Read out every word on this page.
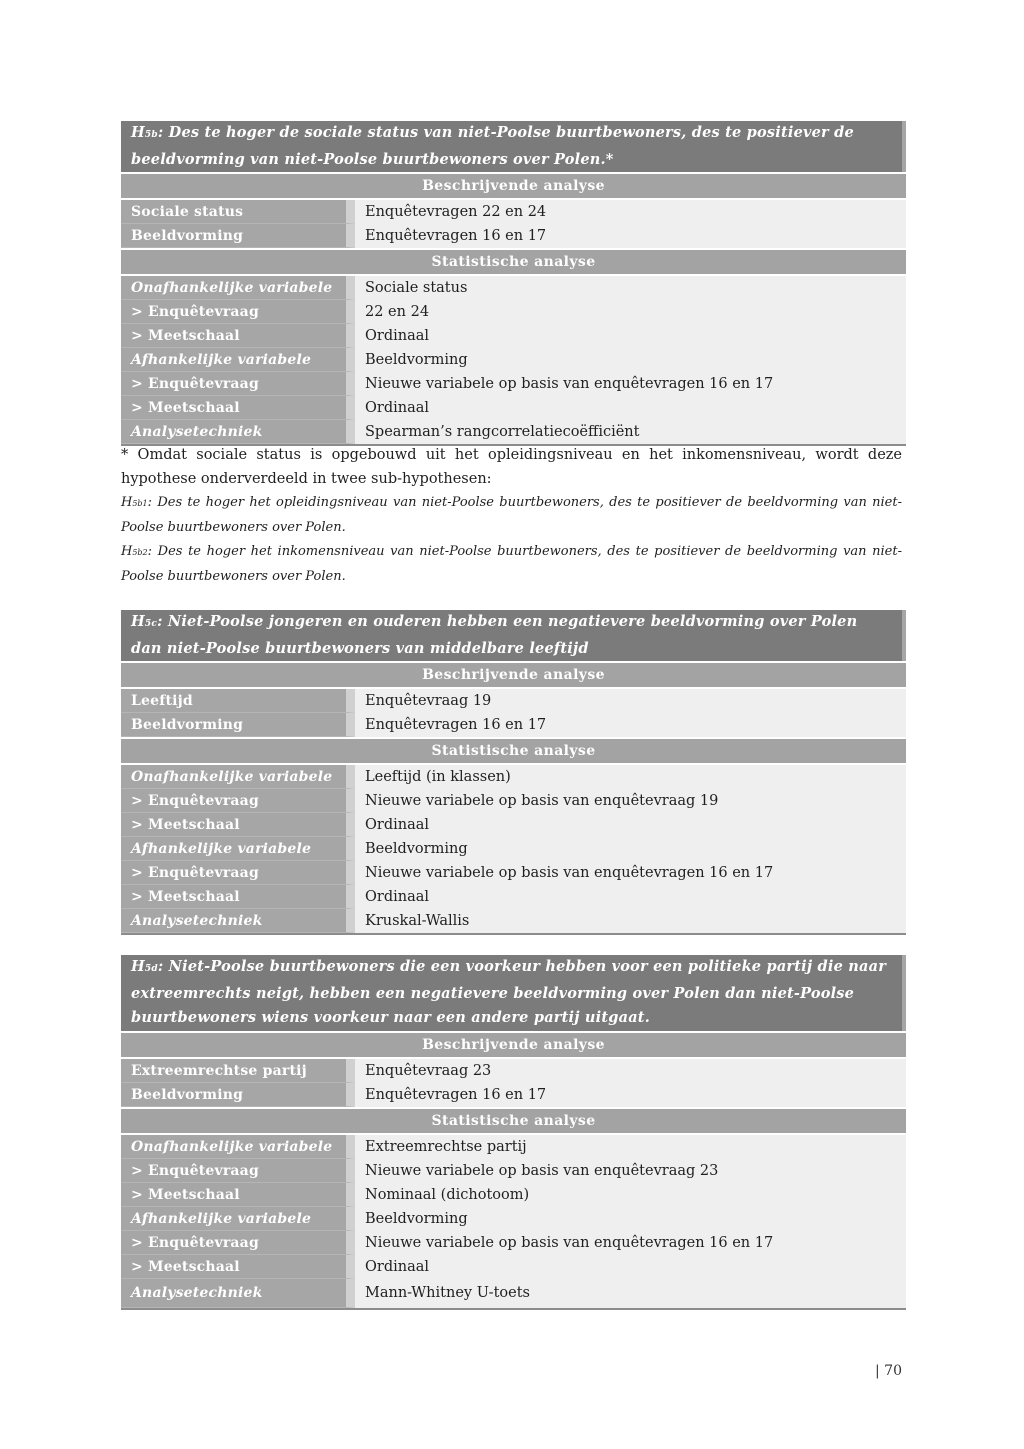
H5b: Des te hoger de sociale status van niet-Poolse buurtbewoners, des te positiever de beeldvorming van niet-Poolse buurtbewoners over Polen.*
Beschrijvende analyse
Sociale status	Enquêtevragen 22 en 24
Beeldvorming	Enquêtevragen 16 en 17
Statistische analyse
Onafhankelijke variabele	Sociale status
> Enquêtevraag	22 en 24
> Meetschaal	Ordinaal
Afhankelijke variabele	Beeldvorming
> Enquêtevraag	Nieuwe variabele op basis van enquêtevragen 16 en 17
> Meetschaal	Ordinaal
Analysetechniek	Spearman’s rangcorrelatiecoëfficiënt
* Omdat sociale status is opgebouwd uit het opleidingsniveau en het inkomensniveau, wordt deze hypothese onderverdeeld in twee sub-hypothesen:
H5b1: Des te hoger het opleidingsniveau van niet-Poolse buurtbewoners, des te positiever de beeldvorming van niet-Poolse buurtbewoners over Polen.
H5b2: Des te hoger het inkomensniveau van niet-Poolse buurtbewoners, des te positiever de beeldvorming van niet-Poolse buurtbewoners over Polen.
H5c: Niet-Poolse jongeren en ouderen hebben een negatievere beeldvorming over Polen dan niet-Poolse buurtbewoners van middelbare leeftijd
Beschrijvende analyse
Leeftijd	Enquêtevraag 19
Beeldvorming	Enquêtevragen 16 en 17
Statistische analyse
Onafhankelijke variabele	Leeftijd (in klassen)
> Enquêtevraag	Nieuwe variabele op basis van enquêtevraag 19
> Meetschaal	Ordinaal
Afhankelijke variabele	Beeldvorming
> Enquêtevraag	Nieuwe variabele op basis van enquêtevragen 16 en 17
> Meetschaal	Ordinaal
Analysetechniek	Kruskal-Wallis
H5d: Niet-Poolse buurtbewoners die een voorkeur hebben voor een politieke partij die naar extreemrechts neigt, hebben een negatievere beeldvorming over Polen dan niet-Poolse buurtbewoners wiens voorkeur naar een andere partij uitgaat.
Beschrijvende analyse
Extreemrechtse partij	Enquêtevraag 23
Beeldvorming	Enquêtevragen 16 en 17
Statistische analyse
Onafhankelijke variabele	Extreemrechtse partij
> Enquêtevraag	Nieuwe variabele op basis van enquêtevraag 23
> Meetschaal	Nominaal (dichotoom)
Afhankelijke variabele	Beeldvorming
> Enquêtevraag	Nieuwe variabele op basis van enquêtevragen 16 en 17
> Meetschaal	Ordinaal
Analysetechniek	Mann-Whitney U-toets
| 70
